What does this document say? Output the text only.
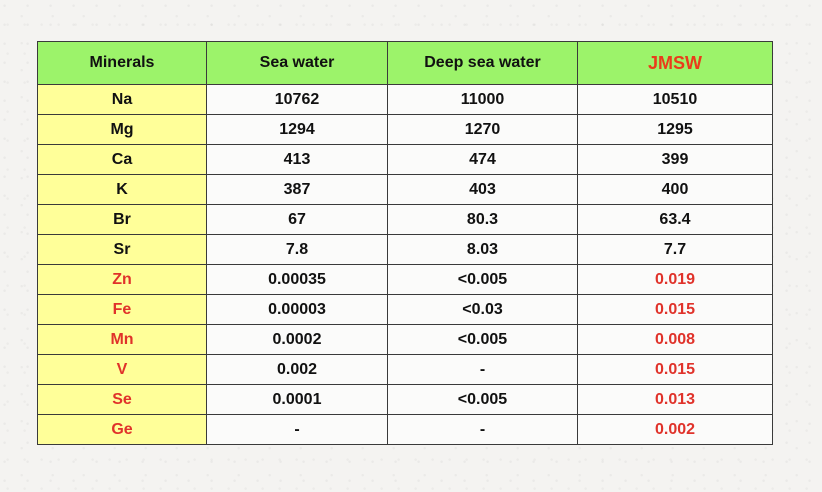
Minerals	Sea water	Deep sea water	JMSW
Na	10762	11000	10510
Mg	1294	1270	1295
Ca	413	474	399
K	387	403	400
Br	67	80.3	63.4
Sr	7.8	8.03	7.7
Zn	0.00035	<0.005	0.019
Fe	0.00003	<0.03	0.015
Mn	0.0002	<0.005	0.008
V	0.002	-	0.015
Se	0.0001	<0.005	0.013
Ge	-	-	0.002
